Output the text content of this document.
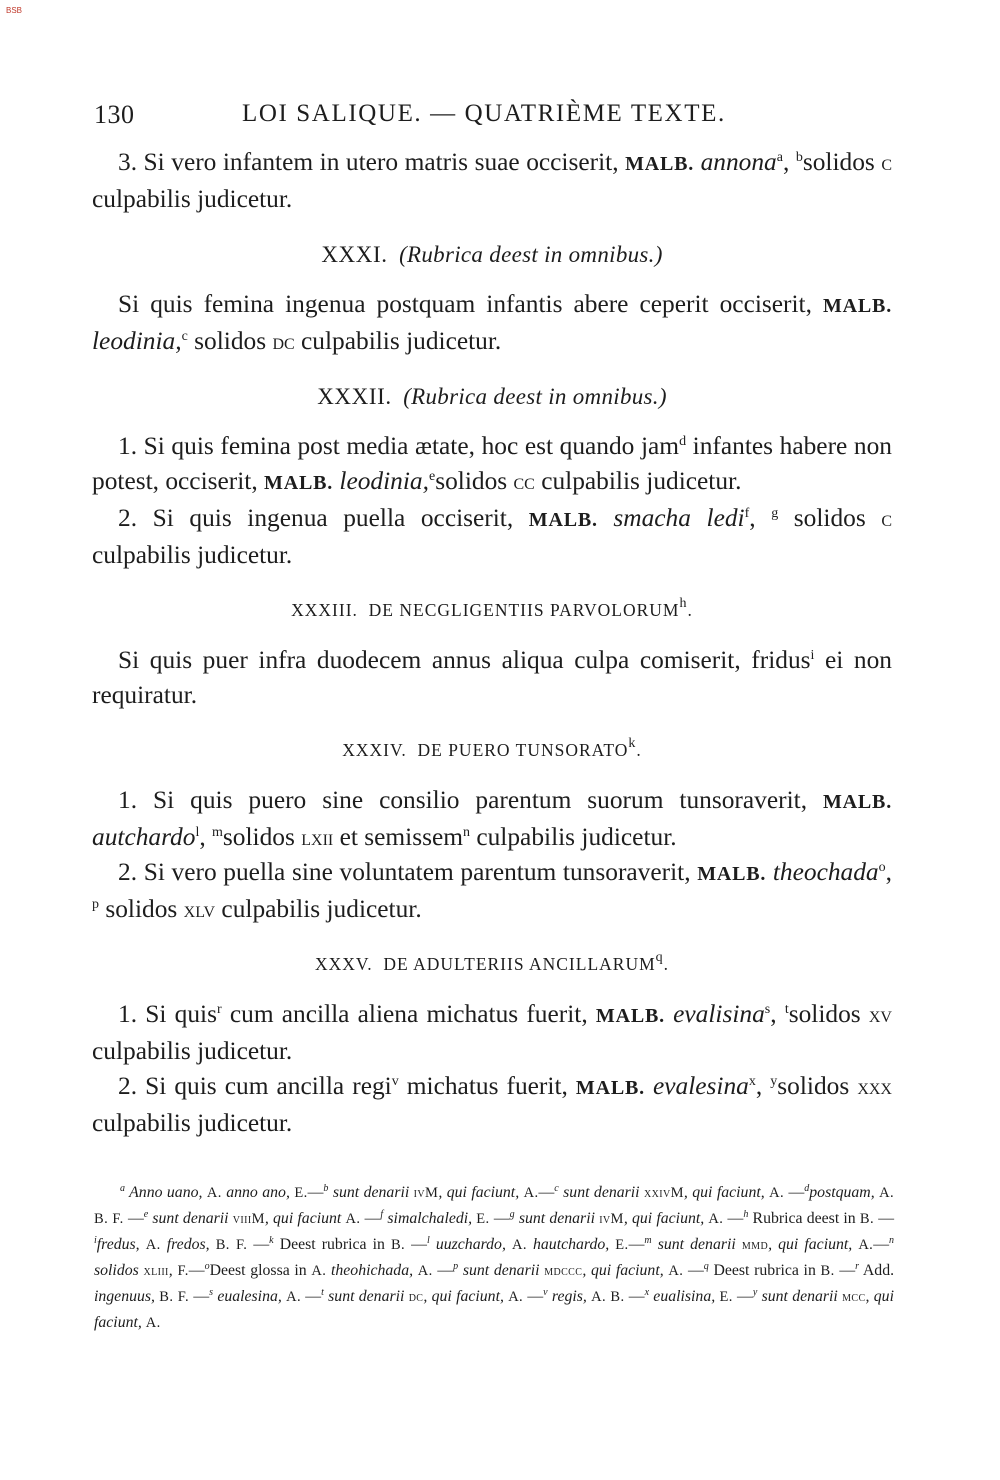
BSB
130	LOI SALIQUE. — QUATRIÈME TEXTE.

3. Si vero infantem in utero matris suae occiserit, MALB. annona$^a$, $^b$solidos c culpabilis judicetur.

XXXI. (Rubrica deest in omnibus.)

Si quis femina ingenua postquam infantis abere ceperit occiserit, MALB. leodinia,$^c$ solidos dc culpabilis judicetur.

XXXII. (Rubrica deest in omnibus.)

1. Si quis femina post media ætate, hoc est quando jam$^d$ infantes habere non potest, occiserit, MALB. leodinia,$^e$solidos cc culpabilis judicetur.

2. Si quis ingenua puella occiserit, MALB. smacha ledi$^f$, $^g$ solidos c culpabilis judicetur.

XXXIII. DE NECGLIGENTIIS PARVOLORUM$^h$.

Si quis puer infra duodecem annus aliqua culpa comiserit, fridus$^i$ ei non requiratur.

XXXIV. DE PUERO TUNSORATO$^k$.

1. Si quis puero sine consilio parentum suorum tunsoraverit, MALB. autchardo$^l$, $^m$solidos lxii et semissem$^n$ culpabilis judicetur.

2. Si vero puella sine voluntatem parentum tunsoraverit, MALB. theochada$^o$, $^p$ solidos xlv culpabilis judicetur.

XXXV. DE ADULTERIIS ANCILLARUM$^q$.

1. Si quis$^r$ cum ancilla aliena michatus fuerit, MALB. evalisina$^s$, $^t$solidos xv culpabilis judicetur.

2. Si quis cum ancilla regi$^v$ michatus fuerit, MALB. evalesina$^x$, $^y$solidos xxx culpabilis judicetur.

$^a$ Anno uano, A. anno ano, E.—$^b$ sunt denarii ivM, qui faciunt, A.—$^c$ sunt denarii xxivM, qui faciunt, A. —$^d$postquam, A. B. F. —$^e$ sunt denarii viiiM, qui faciunt A. —$^f$ simalchaledi, E. —$^g$ sunt denarii ivM, qui faciunt, A. —$^h$ Rubrica deest in B. —$^i$fredus, A. fredos, B. F. —$^k$ Deest rubrica in B. —$^l$ uuzchardo, A. hautchardo, E.—$^m$ sunt denarii mmd, qui faciunt, A.—$^n$ solidos xliii, F.—$^o$Deest glossa in A. theohichada, A. —$^p$ sunt denarii mdccc, qui faciunt, A. —$^q$ Deest rubrica in B. —$^r$ Add. ingenuus, B. F. —$^s$ eualesina, A. —$^t$ sunt denarii dc, qui faciunt, A. —$^v$ regis, A. B. —$^x$ eualisina, E. —$^y$ sunt denarii mcc, qui faciunt, A.
